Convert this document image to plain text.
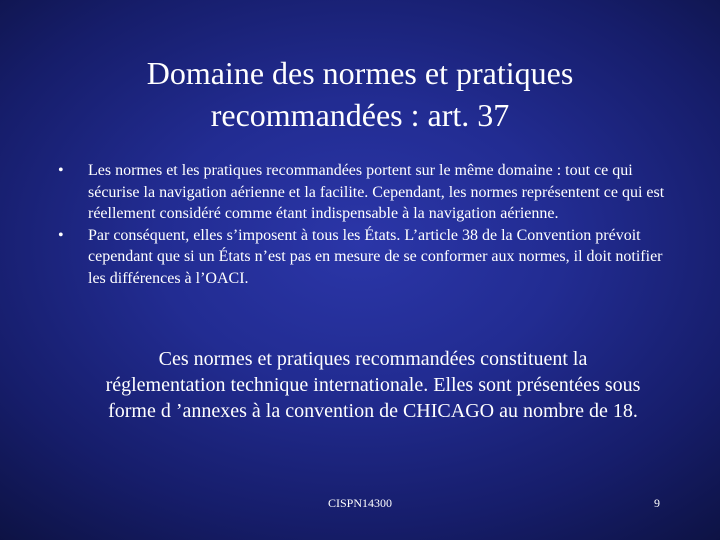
Domaine des normes et pratiques
recommandées : art. 37
• Les normes et les pratiques recommandées portent sur le même domaine : tout ce qui sécurise la navigation aérienne et la facilite. Cependant, les normes représentent ce qui est réellement considéré comme étant indispensable à la navigation aérienne.
• Par conséquent, elles s’imposent à tous les États. L’article 38 de la Convention prévoit cependant que si un États n’est pas en mesure de se conformer aux normes, il doit notifier les différences à l’OACI.

Ces normes et pratiques recommandées constituent la réglementation technique internationale. Elles sont présentées sous forme d ’annexes à la convention de CHICAGO au nombre de 18.

CISPN14300	9
